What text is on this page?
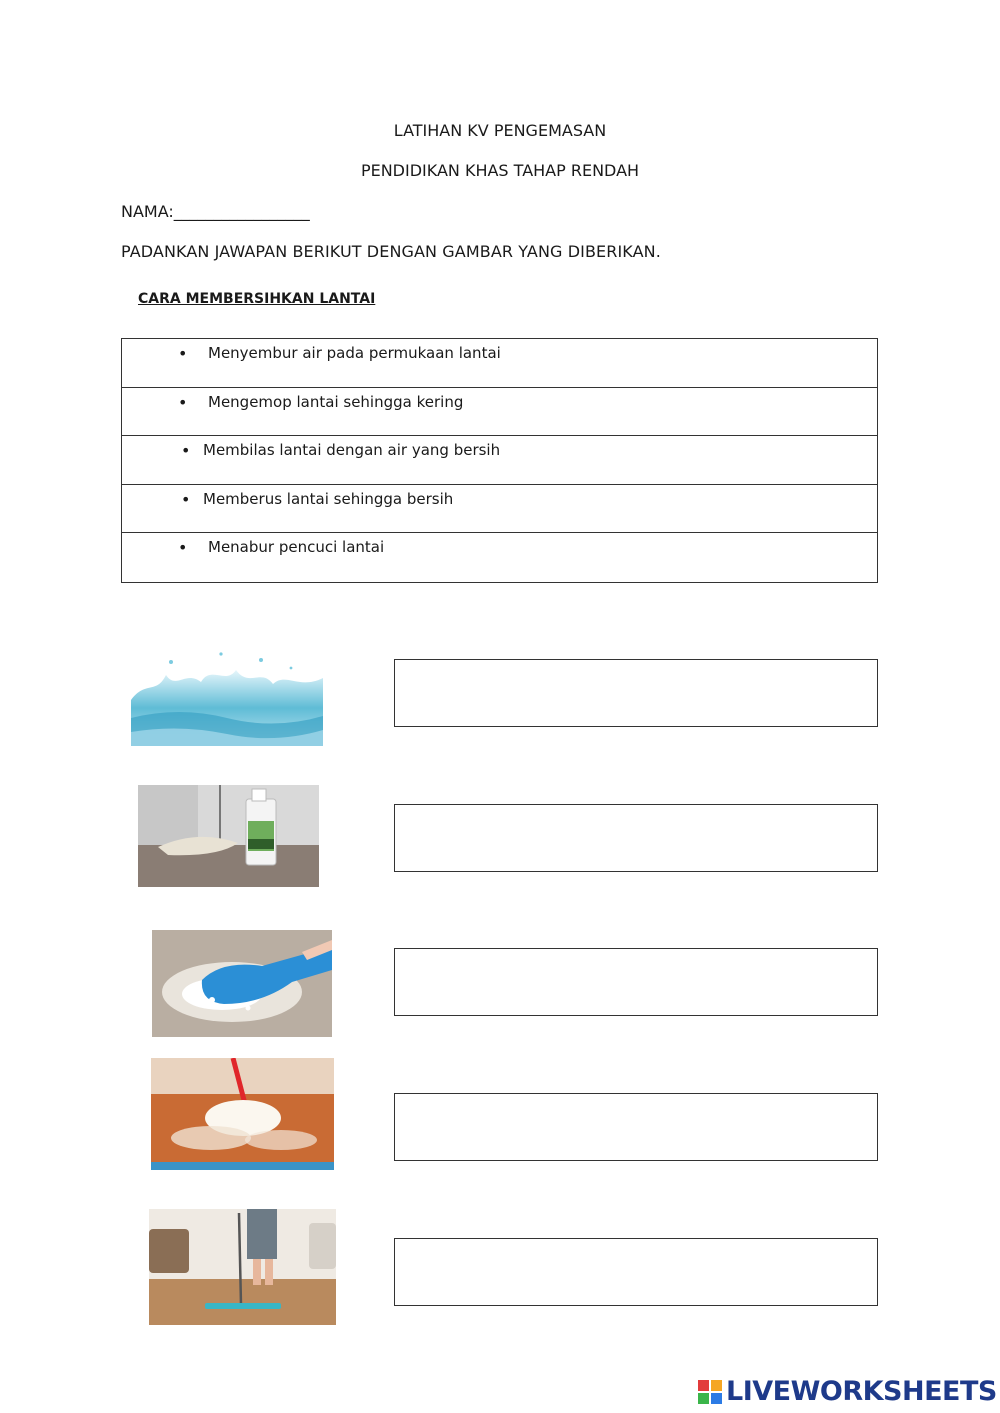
LATIHAN KV PENGEMASAN
PENDIDIKAN KHAS TAHAP RENDAH
NAMA:_________________
PADANKAN JAWAPAN BERIKUT DENGAN GAMBAR YANG DIBERIKAN.
CARA MEMBERSIHKAN LANTAI
• Menyembur air pada permukaan lantai
• Mengemop lantai sehingga kering
• Membilas lantai dengan air yang bersih
• Memberus lantai sehingga bersih
• Menabur pencuci lantai
LIVEWORKSHEETS
